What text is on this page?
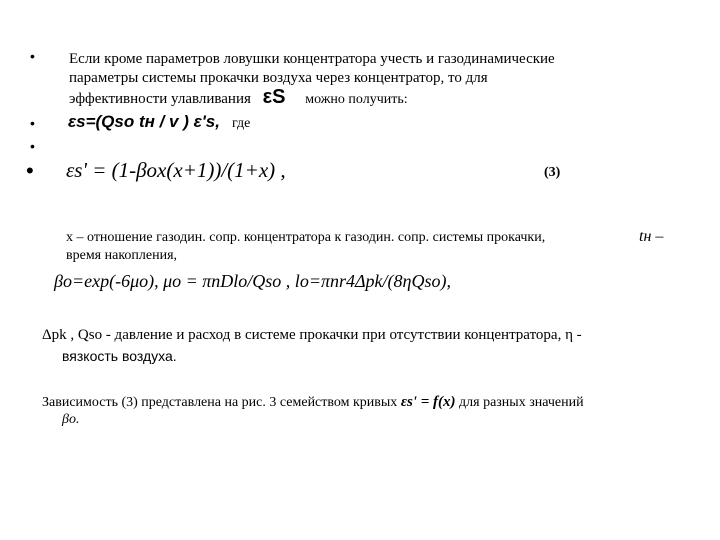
• Если кроме параметров ловушки концентратора учесть и газодинамические
параметры системы прокачки воздуха через концентратор, то для
эффективности улавливания εS можно получить:
• εs=(Qso tн / v ) ε's, где
•
• εs' = (1-βox(x+1))/(1+x) ,	(3)
x – отношение газодин. сопр. концентратора к газодин. сопр. системы прокачки,	tн –
время накопления,
βo=exp(-6μo), μo = πnDlo/Qso , lo=πnr4Δpk/(8ηQso),
Δpk , Qso - давление и расход в системе прокачки при отсутствии концентратора, η -
вязкость воздуха.
Зависимость (3) представлена на рис. 3 семейством кривых εs' = f(x) для разных значений
βo.
